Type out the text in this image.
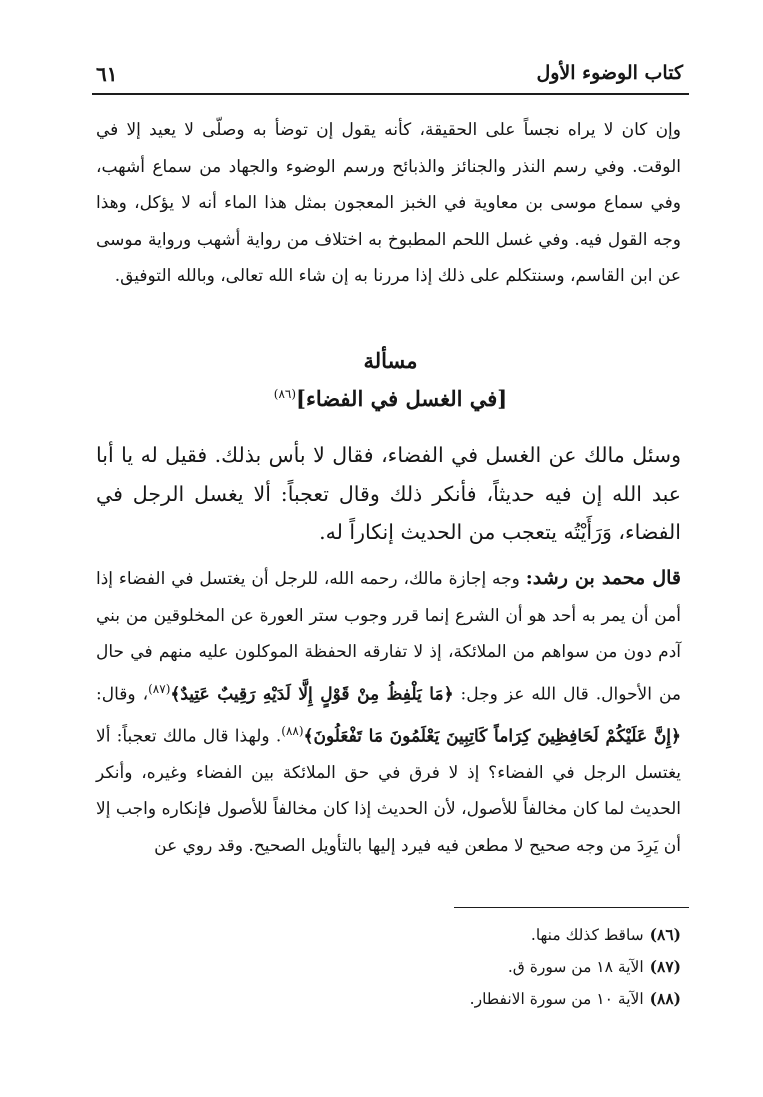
كتاب الوضوء الأول
٦١

وإن كان لا يراه نجساً على الحقيقة، كأنه يقول إن توضأ به وصلّى لا يعيد إلا في الوقت. وفي رسم النذر والجنائز والذبائح ورسم الوضوء والجهاد من سماع أشهب، وفي سماع موسى بن معاوية في الخبز المعجون بمثل هذا الماء أنه لا يؤكل، وهذا وجه القول فيه. وفي غسل اللحم المطبوخ به اختلاف من رواية أشهب ورواية موسى عن ابن القاسم، وسنتكلم على ذلك إذا مررنا به إن شاء الله تعالى، وبالله التوفيق.

مسألة
[في الغسل في الفضاء]$^{(٨٦)}$

وسئل مالك عن الغسل في الفضاء، فقال لا بأس بذلك. فقيل له يا أبا عبد الله إن فيه حديثاً، فأنكر ذلك وقال تعجباً: ألا يغسل الرجل في الفضاء، وَرَأَيْتُه يتعجب من الحديث إنكاراً له.

قال محمد بن رشد: وجه إجازة مالك، رحمه الله، للرجل أن يغتسل في الفضاء إذا أمن أن يمر به أحد هو أن الشرع إنما قرر وجوب ستر العورة عن المخلوقين من بني آدم دون من سواهم من الملائكة، إذ لا تفارقه الحفظة الموكلون عليه منهم في حال من الأحوال. قال الله عز وجل: ﴿مَا يَلْفِظُ مِنْ قَوْلٍ إِلَّا لَدَيْهِ رَقِيبٌ عَتِيدٌ﴾$^{(٨٧)}$، وقال: ﴿إِنَّ عَلَيْكُمْ لَحَافِظِينَ كِرَاماً كَاتِبِينَ يَعْلَمُونَ مَا تَفْعَلُونَ﴾$^{(٨٨)}$. ولهذا قال مالك تعجباً: ألا يغتسل الرجل في الفضاء؟ إذ لا فرق في حق الملائكة بين الفضاء وغيره، وأنكر الحديث لما كان مخالفاً للأصول، لأن الحديث إذا كان مخالفاً للأصول فإنكاره واجب إلا أن يَرِدَ من وجه صحيح لا مطعن فيه فيرد إليها بالتأويل الصحيح. وقد روي عن

(٨٦)ساقط كذلك منها.
(٨٧)الآية ١٨ من سورة ق.
(٨٨)الآية ١٠ من سورة الانفطار.
